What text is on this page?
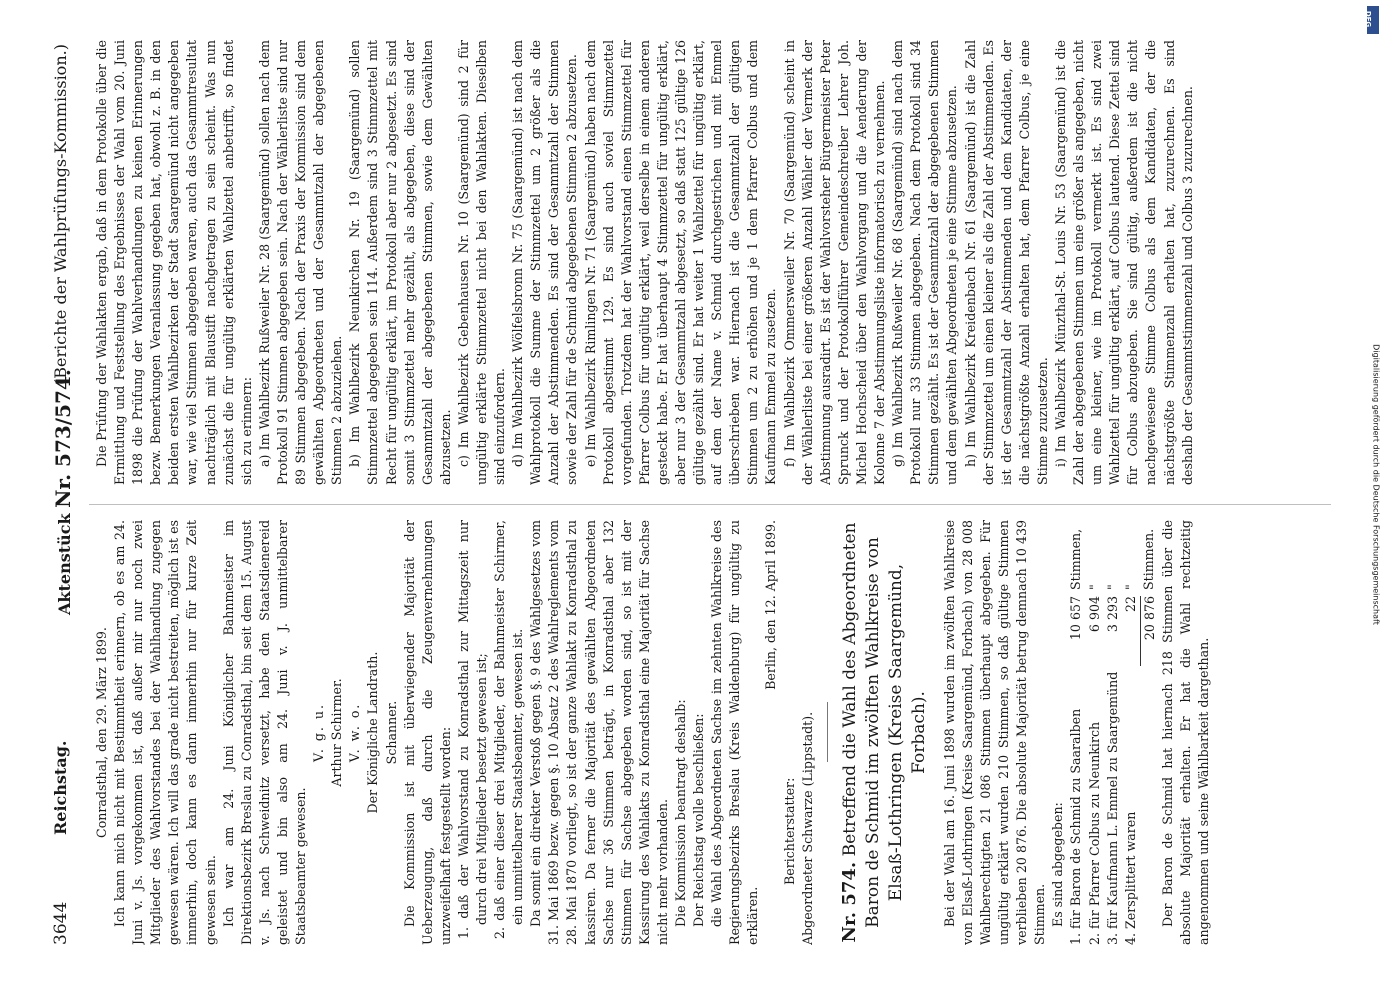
3644
Reichstag.
Aktenstück Nr. 573/574.
(Berichte der Wahlprüfungs-Kommission.)

Conradsthal, den 29. März 1899. Ich kann mich nicht mit Bestimmtheit erinnern, ob es am 24. Juni v. Js. vorgekommen ist, daß außer mir nur noch zwei Mitglieder des Wahlvorstandes bei der Wahlhandlung zugegen gewesen wären. Ich will das grade nicht bestreiten, möglich ist es immerhin, doch kann es dann immerhin nur für kurze Zeit gewesen sein. Ich war am 24. Juni Königlicher Bahnmeister im Direktionsbezirk Breslau zu Conradsthal, bin seit dem 15. August v. Js. nach Schweidnitz versetzt, habe den Staatsdienereid geleistet und bin also am 24. Juni v. J. unmittelbarer Staatsbeamter gewesen.

V. g. u. Arthur Schirmer. V. w. o. Der Königliche Landrath. Schanner. Die Kommission ist mit überwiegender Majorität der Ueberzeugung, daß durch die Zeugenvernehmungen unzweifelhaft festgestellt worden: 1. daß der Wahlvorstand zu Konradsthal zur Mittagszeit nur durch drei Mitglieder besetzt gewesen ist; 2. daß einer dieser drei Mitglieder, der Bahnmeister Schirmer, ein unmittelbarer Staatsbeamter, gewesen ist. Da somit ein direkter Verstoß gegen §. 9 des Wahlgesetzes vom 31. Mai 1869 bezw. gegen §. 10 Absatz 2 des Wahlreglements vom 28. Mai 1870 vorliegt, so ist der ganze Wahlakt zu Konradsthal zu kassiren. Da ferner die Majorität des gewählten Abgeordneten Sachse nur 36 Stimmen beträgt, in Konradsthal aber 132 Stimmen für Sachse abgegeben worden sind, so ist mit der Kassirung des Wahlakts zu Konradsthal eine Majorität für Sachse nicht mehr vorhanden. Die Kommission beantragt deshalb: Der Reichstag wolle beschließen: die Wahl des Abgeordneten Sachse im zehnten Wahlkreise des Regierungsbezirks Breslau (Kreis Waldenburg) für ungültig zu erklären.

Berlin, den 12. April 1899.

Berichterstatter: Abgeordneter Schwarze (Lippstadt). Nr. 574. Betreffend die Wahl des Abgeordneten Baron de Schmid im zwölften Wahlkreise von Elsaß-Lothringen (Kreise Saargemünd, Forbach). Bei der Wahl am 16. Juni 1898 wurden im zwölften Wahlkreise von Elsaß-Lothringen (Kreise Saargemünd, Forbach) von 28 008 Wahlberechtigten 21 086 Stimmen überhaupt abgegeben. Für ungültig erklärt wurden 210 Stimmen, so daß gültige Stimmen verblieben 20 876. Die absolute Majorität betrug demnach 10 439 Stimmen. Es sind abgegeben: 1. für Baron de Schmid zu Saaralben	10 657	Stimmen,
2. für Pfarrer Colbus zu Neunkirch	6 904	"
3. für Kaufmann L. Emmel zu Saargemünd	3 293	"
4. Zersplittert waren	22	"
	20 876	Stimmen. Der Baron de Schmid hat hiernach 218 Stimmen über die absolute Majorität erhalten. Er hat die Wahl rechtzeitig angenommen und seine Wählbarkeit dargethan.

Die Prüfung der Wahlakten ergab, daß in dem Protokolle über die Ermittlung und Feststellung des Ergebnisses der Wahl vom 20. Juni 1898 die Prüfung der Wahlverhandlungen zu keinen Erinnerungen bezw. Bemerkungen Veranlassung gegeben hat, obwohl z. B. in den beiden ersten Wahlbezirken der Stadt Saargemünd nicht angegeben war, wie viel Stimmen abgegeben waren, auch das Gesammtresultat nachträglich mit Blaustift nachgetragen zu sein scheint. Was nun zunächst die für ungültig erklärten Wahlzettel anbetrifft, so findet sich zu erinnern: a) Im Wahlbezirk Rußweiler Nr. 28 (Saargemünd) sollen nach dem Protokoll 91 Stimmen abgegeben sein. Nach der Wählerliste sind nur 89 Stimmen abgegeben. Nach der Praxis der Kommission sind dem gewählten Abgeordneten und der Gesammtzahl der abgegebenen Stimmen 2 abzuziehen. b) Im Wahlbezirk Neunkirchen Nr. 19 (Saargemünd) sollen Stimmzettel abgegeben sein 114. Außerdem sind 3 Stimmzettel mit Recht für ungültig erklärt, im Protokoll aber nur 2 abgesetzt. Es sind somit 3 Stimmzettel mehr gezählt, als abgegeben, diese sind der Gesammtzahl der abgegebenen Stimmen, sowie dem Gewählten abzusetzen. c) Im Wahlbezirk Gebenhausen Nr. 10 (Saargemünd) sind 2 für ungültig erklärte Stimmzettel nicht bei den Wahlakten. Dieselben sind einzufordern. d) Im Wahlbezirk Wölfelsbronn Nr. 75 (Saargemünd) ist nach dem Wahlprotokoll die Summe der Stimmzettel um 2 größer als die Anzahl der Abstimmenden. Es sind der Gesammtzahl der Stimmen sowie der Zahl für de Schmid abgegebenen Stimmen 2 abzusetzen. e) Im Wahlbezirk Rimlingen Nr. 71 (Saargemünd) haben nach dem Protokoll abgestimmt 129. Es sind auch soviel Stimmzettel vorgefunden. Trotzdem hat der Wahlvorstand einen Stimmzettel für Pfarrer Colbus für ungültig erklärt, weil derselbe in einem anderen gesteckt habe. Er hat überhaupt 4 Stimmzettel für ungültig erklärt, aber nur 3 der Gesammtzahl abgesetzt, so daß statt 125 gültige 126 gültige gezählt sind. Er hat weiter 1 Wahlzettel für ungültig erklärt, auf dem der Name v. Schmid durchgestrichen und mit Emmel überschrieben war. Hiernach ist die Gesammtzahl der gültigen Stimmen um 2 zu erhöhen und je 1 dem Pfarrer Colbus und dem Kaufmann Emmel zu zusetzen. f) Im Wahlbezirk Ommersweiler Nr. 70 (Saargemünd) scheint in der Wählerliste bei einer größeren Anzahl Wähler der Vermerk der Abstimmung ausradirt. Es ist der Wahlvorsteher Bürgermeister Peter Sprunck und der Protokollführer Gemeindeschreiber Lehrer Joh. Michel Hochscheid über den Wahlvorgang und die Aenderung der Kolonne 7 der Abstimmungsliste informatorisch zu vernehmen. g) Im Wahlbezirk Rußweiler Nr. 68 (Saargemünd) sind nach dem Protokoll nur 33 Stimmen abgegeben. Nach dem Protokoll sind 34 Stimmen gezählt. Es ist der Gesammtzahl der abgegebenen Stimmen und dem gewählten Abgeordneten je eine Stimme abzusetzen. h) Im Wahlbezirk Kreidenbach Nr. 61 (Saargemünd) ist die Zahl der Stimmzettel um einen kleiner als die Zahl der Abstimmenden. Es ist der Gesammtzahl der Abstimmenden und dem Kandidaten, der die nächstgrößte Anzahl erhalten hat, dem Pfarrer Colbus, je eine Stimme zuzusetzen. i) Im Wahlbezirk Münzthal-St. Louis Nr. 53 (Saargemünd) ist die Zahl der abgegebenen Stimmen um eine größer als angegeben, nicht um eine kleiner, wie im Protokoll vermerkt ist. Es sind zwei Wahlzettel für ungültig erklärt, auf Colbus lautend. Diese Zettel sind für Colbus abzugeben. Sie sind gültig, außerdem ist die nicht nachgewiesene Stimme Colbus als dem Kandidaten, der die nächstgrößte Stimmenzahl erhalten hat, zuzurechnen. Es sind deshalb der Gesammtstimmenzahl und Colbus 3 zuzurechnen.

DFG
Digitalisierung gefördert durch die Deutsche Forschungsgemeinschaft
